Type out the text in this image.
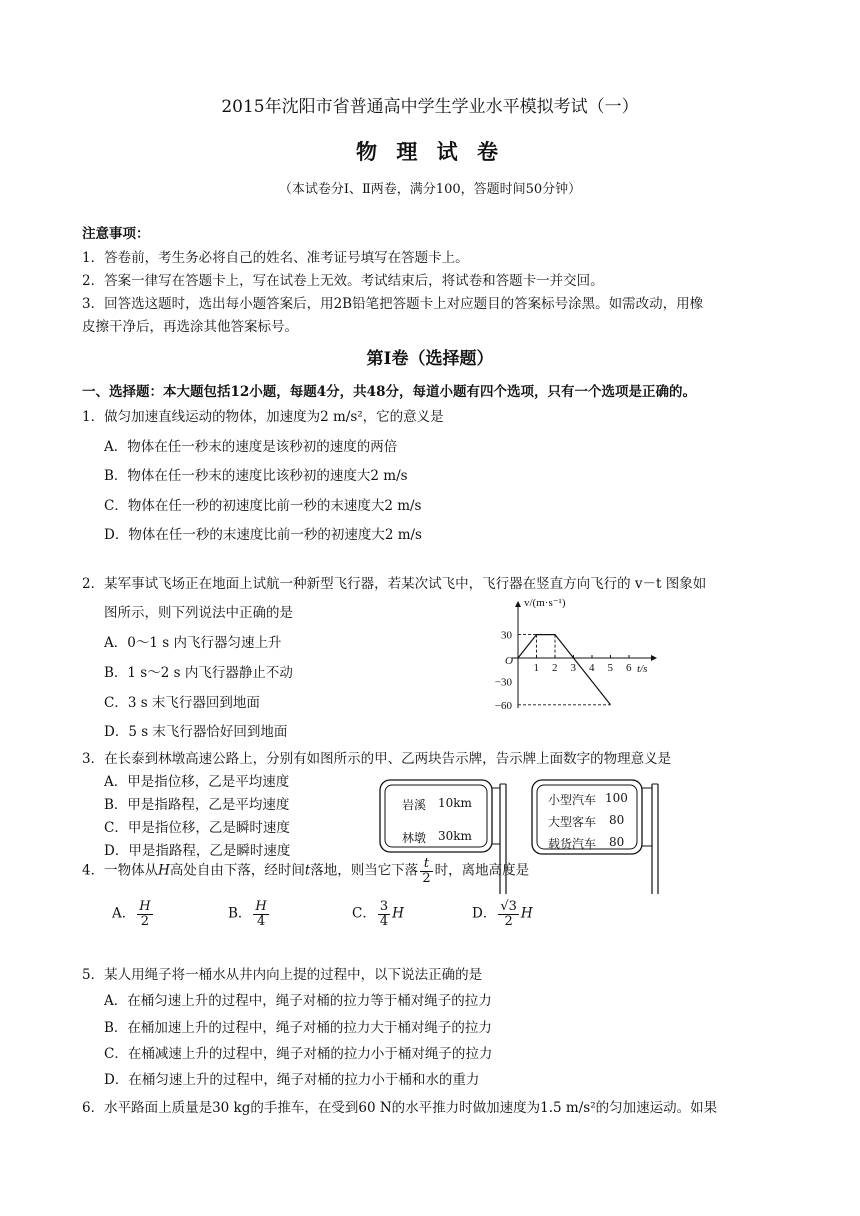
2015年沈阳市省普通高中学生学业水平模拟考试（一）
物 理 试 卷
（本试卷分Ⅰ、Ⅱ两卷，满分100，答题时间50分钟）
注意事项：
1．答卷前，考生务必将自己的姓名、准考证号填写在答题卡上。
2．答案一律写在答题卡上，写在试卷上无效。考试结束后，将试卷和答题卡一并交回。
3．回答选这题时，选出每小题答案后，用2B铅笔把答题卡上对应题目的答案标号涂黑。如需改动，用橡
皮擦干净后，再选涂其他答案标号。
第I卷（选择题）
一、选择题：本大题包括12小题，每题4分，共48分，每道小题有四个选项，只有一个选项是正确的。
1．做匀加速直线运动的物体，加速度为2 m/s²，它的意义是
A．物体在任一秒末的速度是该秒初的速度的两倍
B．物体在任一秒末的速度比该秒初的速度大2 m/s
C．物体在任一秒的初速度比前一秒的末速度大2 m/s
D．物体在任一秒的末速度比前一秒的初速度大2 m/s
2．某军事试飞场正在地面上试航一种新型飞行器，若某次试飞中，飞行器在竖直方向飞行的 v－t 图象如
图所示，则下列说法中正确的是
A．0～1 s 内飞行器匀速上升
B．1 s～2 s 内飞行器静止不动
C．3 s 末飞行器回到地面
D．5 s 末飞行器恰好回到地面
v/(m·s⁻¹)
t/s
O
1 2 3 4 5 6
30
−30
−60
3．在长泰到林墩高速公路上，分别有如图所示的甲、乙两块告示牌，告示牌上面数字的物理意义是
A．甲是指位移，乙是平均速度
B．甲是指路程，乙是平均速度
C．甲是指位移，乙是瞬时速度
D．甲是指路程，乙是瞬时速度
岩溪 10km
林墩 30km
小型汽车 100
大型客车 80
载货汽车 80
4．一物体从H高处自由下落，经时间t落地，则当它下落 $\frac{t}{2}$ 时，离地高度是
A． $\frac{H}{2}$	B． $\frac{H}{4}$	C． $\frac{3}{4}$ H	D． $\frac{√3}{2}$ H
5．某人用绳子将一桶水从井内向上提的过程中，以下说法正确的是
A．在桶匀速上升的过程中，绳子对桶的拉力等于桶对绳子的拉力
B．在桶加速上升的过程中，绳子对桶的拉力大于桶对绳子的拉力
C．在桶减速上升的过程中，绳子对桶的拉力小于桶对绳子的拉力
D．在桶匀速上升的过程中，绳子对桶的拉力小于桶和水的重力
6．水平路面上质量是30 kg的手推车，在受到60 N的水平推力时做加速度为1.5 m/s²的匀加速运动。如果
